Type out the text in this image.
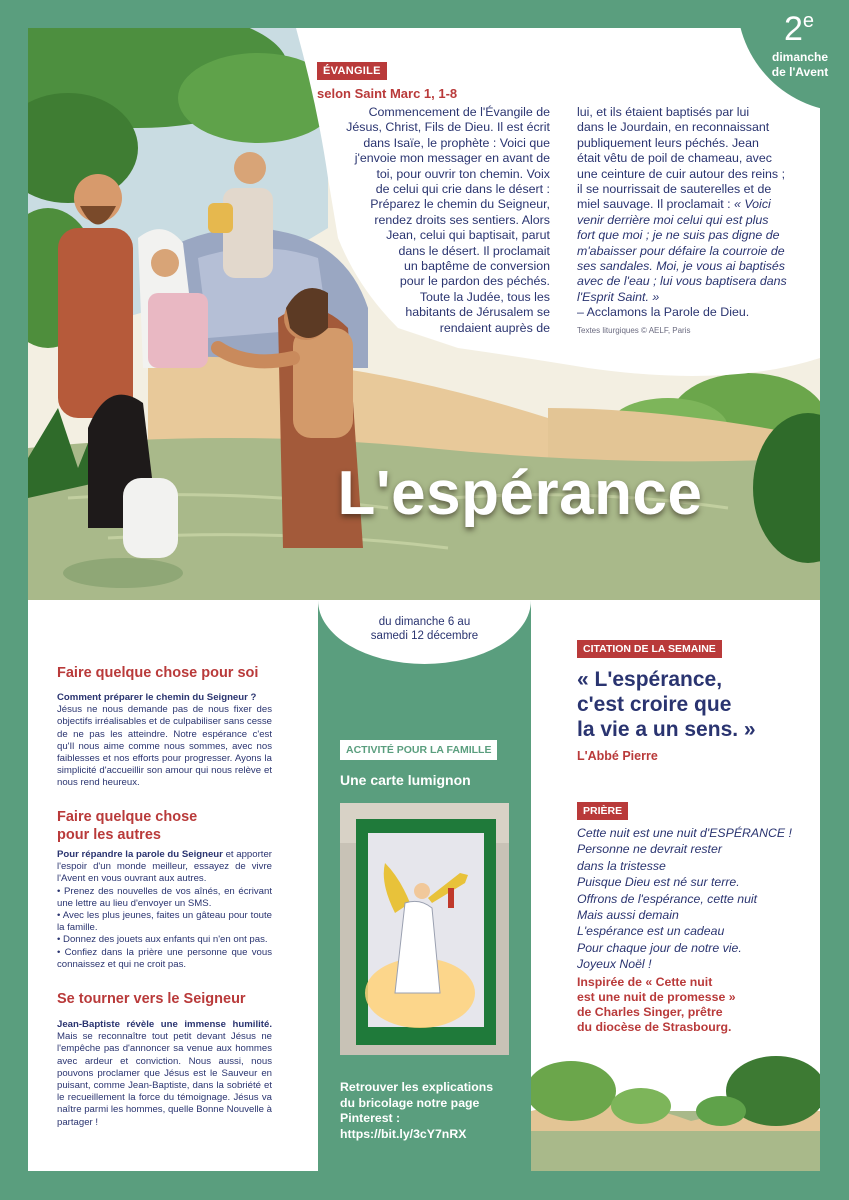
2e
dimanche
de l'Avent
ÉVANGILE
selon Saint Marc 1, 1-8
Commencement de l'Évangile de
Jésus, Christ, Fils de Dieu. Il est écrit
dans Isaïe, le prophète : Voici que
j'envoie mon messager en avant de
toi, pour ouvrir ton chemin. Voix
de celui qui crie dans le désert :
Préparez le chemin du Seigneur,
rendez droits ses sentiers. Alors
Jean, celui qui baptisait, parut
dans le désert. Il proclamait
un baptême de conversion
pour le pardon des péchés.
Toute la Judée, tous les
habitants de Jérusalem se
rendaient auprès de
lui, et ils étaient baptisés par lui
dans le Jourdain, en reconnaissant
publiquement leurs péchés. Jean
était vêtu de poil de chameau, avec
une ceinture de cuir autour des reins ;
il se nourrissait de sauterelles et de
miel sauvage. Il proclamait : « Voici
venir derrière moi celui qui est plus
fort que moi ; je ne suis pas digne de
m'abaisser pour défaire la courroie de
ses sandales. Moi, je vous ai baptisés
avec de l'eau ; lui vous baptisera dans
l'Esprit Saint. »
– Acclamons la Parole de Dieu.
Textes liturgiques © AELF, Paris
L'espérance
Faire quelque chose pour soi
Comment préparer le chemin du Seigneur ?
Jésus ne nous demande pas de nous fixer des objectifs irréalisables et de culpabiliser sans cesse de ne pas les atteindre. Notre espérance c'est qu'Il nous aime comme nous sommes, avec nos faiblesses et nos efforts pour progresser. Ayons la simplicité d'accueillir son amour qui nous relève et nous rend heureux.
Faire quelque chose
pour les autres
Pour répandre la parole du Seigneur et apporter l'espoir d'un monde meilleur, essayez de vivre l'Avent en vous ouvrant aux autres.
• Prenez des nouvelles de vos aînés, en écrivant une lettre au lieu d'envoyer un SMS.
• Avec les plus jeunes, faites un gâteau pour toute la famille.
• Donnez des jouets aux enfants qui n'en ont pas.
• Confiez dans la prière une personne que vous connaissez et qui ne croit pas.
Se tourner vers le Seigneur
Jean-Baptiste révèle une immense humilité. Mais se reconnaître tout petit devant Jésus ne l'empêche pas d'annoncer sa venue aux hommes avec ardeur et conviction. Nous aussi, nous pouvons proclamer que Jésus est le Sauveur en puisant, comme Jean-Baptiste, dans la sobriété et le recueillement la force du témoignage. Jésus va naître parmi les hommes, quelle Bonne Nouvelle à partager !
du dimanche 6 au
samedi 12 décembre
ACTIVITÉ POUR LA FAMILLE
Une carte lumignon
Retrouver les explications
du bricolage notre page
Pinterest :
https://bit.ly/3cY7nRX
CITATION DE LA SEMAINE
« L'espérance,
c'est croire que
la vie a un sens. »
L'Abbé Pierre
PRIÈRE
Cette nuit est une nuit d'ESPÉRANCE !
Personne ne devrait rester
dans la tristesse
Puisque Dieu est né sur terre.
Offrons de l'espérance, cette nuit
Mais aussi demain
L'espérance est un cadeau
Pour chaque jour de notre vie.
Joyeux Noël !
Inspirée de « Cette nuit
est une nuit de promesse »
de Charles Singer, prêtre
du diocèse de Strasbourg.
